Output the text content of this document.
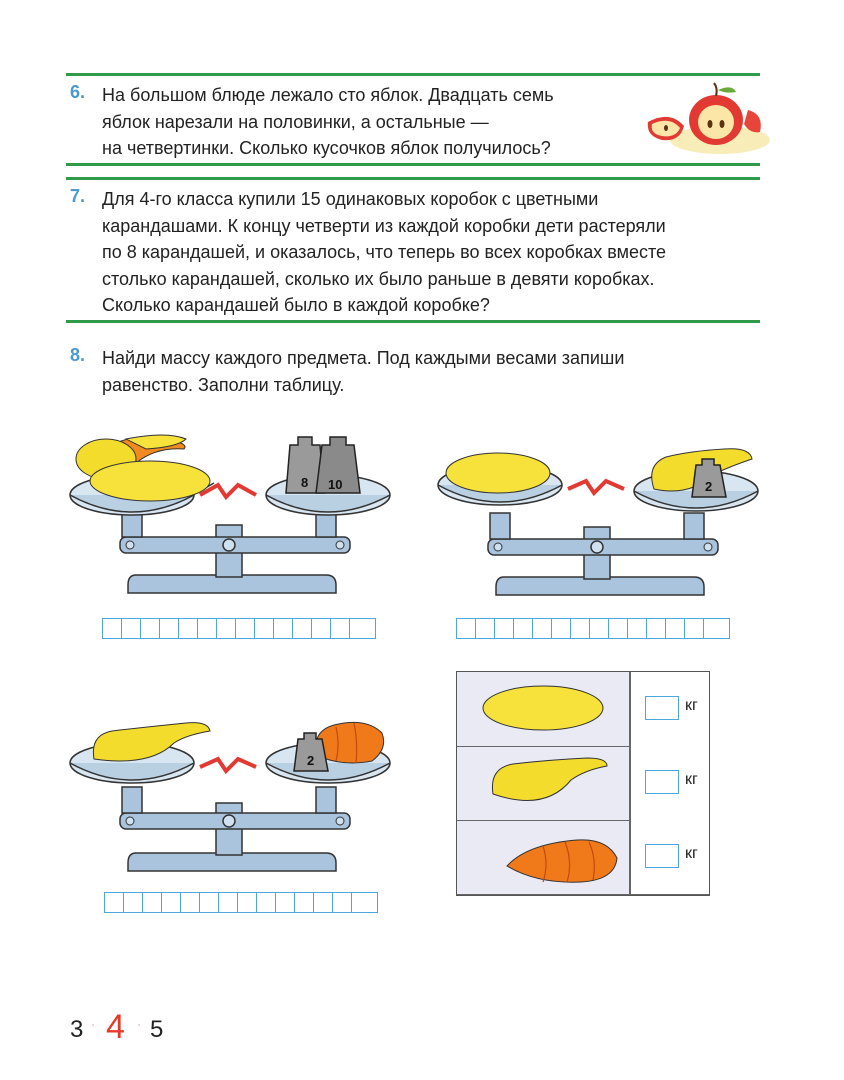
6. На большом блюде лежало сто яблок. Двадцать семь
яблок нарезали на половинки, а остальные —
на четвертинки. Сколько кусочков яблок получилось?
7. Для 4-го класса купили 15 одинаковых коробок с цветными
карандашами. К концу четверти из каждой коробки дети растеряли
по 8 карандашей, и оказалось, что теперь во всех коробках вместе
столько карандашей, сколько их было раньше в девяти коробках.
Сколько карандашей было в каждой коробке?
8. Найди массу каждого предмета. Под каждыми весами запиши
равенство. Заполни таблицу.
8 10	2
2
кг
кг
кг
3 4 5
